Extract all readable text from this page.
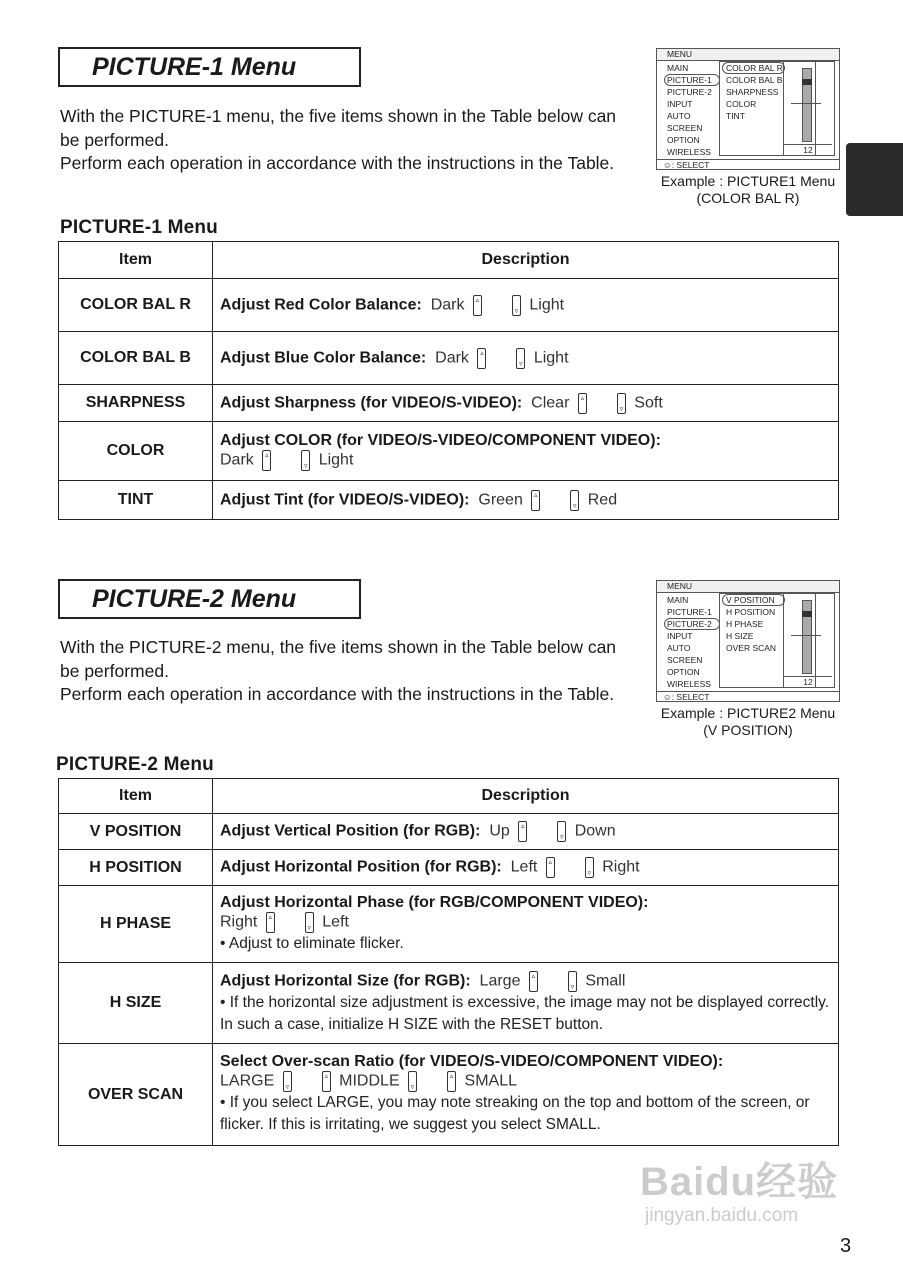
PICTURE-1 Menu

With the PICTURE-1 menu, the five items shown in the Table below can be performed.

Perform each operation in accordance with the instructions in the Table.

MENU
MAIN
PICTURE-1
PICTURE-2
INPUT
AUTO
SCREEN
OPTION
WIRELESS
COLOR BAL R
COLOR BAL B
SHARPNESS
COLOR
TINT
12
☺: SELECT
Example : PICTURE1 Menu
(COLOR BAL R)
PICTURE-1 Menu
Item	Description
COLOR BAL R	Adjust Red Color Balance: Dark ▵ ▿ Light
COLOR BAL B	Adjust Blue Color Balance: Dark ▵ ▿ Light
SHARPNESS	Adjust Sharpness (for VIDEO/S-VIDEO): Clear ▵ ▿ Soft
COLOR	Adjust COLOR (for VIDEO/S-VIDEO/COMPONENT VIDEO):
Dark ▵ ▿ Light
TINT	Adjust Tint (for VIDEO/S-VIDEO): Green ▵ ▿ Red
PICTURE-2 Menu

With the PICTURE-2 menu, the five items shown in the Table below can be performed.

Perform each operation in accordance with the instructions in the Table.

MENU
MAIN
PICTURE-1
PICTURE-2
INPUT
AUTO
SCREEN
OPTION
WIRELESS
V POSITION
H POSITION
H PHASE
H SIZE
OVER SCAN
12
☺: SELECT
Example : PICTURE2 Menu
(V POSITION)
PICTURE-2 Menu
Item	Description
V POSITION	Adjust Vertical Position (for RGB): Up ▵ ▿ Down
H POSITION	Adjust Horizontal Position (for RGB): Left ▵ ▿ Right
H PHASE	Adjust Horizontal Phase (for RGB/COMPONENT VIDEO):
Right ▵ ▿ Left
• Adjust to eliminate flicker.

H SIZE	Adjust Horizontal Size (for RGB): Large ▵ ▿ Small
• If the horizontal size adjustment is excessive, the image may not be displayed correctly. In such a case, initialize H SIZE with the RESET button.

OVER SCAN	Select Over-scan Ratio (for VIDEO/S-VIDEO/COMPONENT VIDEO):
LARGE ▿ ▵ MIDDLE ▿ ▵ SMALL
• If you select LARGE, you may note streaking on the top and bottom of the screen, or flicker. If this is irritating, we suggest you select SMALL.
Baidu经验
jingyan.baidu.com
3
